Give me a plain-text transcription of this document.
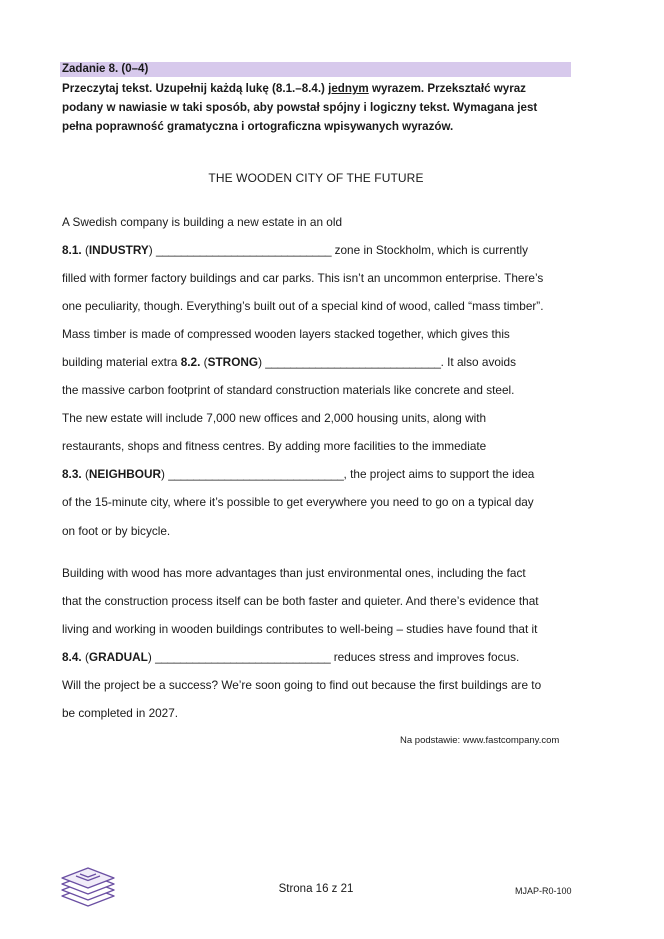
Zadanie 8. (0–4)
Przeczytaj tekst. Uzupełnij każdą lukę (8.1.–8.4.) jednym wyrazem. Przekształć wyraz podany w nawiasie w taki sposób, aby powstał spójny i logiczny tekst. Wymagana jest pełna poprawność gramatyczna i ortograficzna wpisywanych wyrazów.
THE WOODEN CITY OF THE FUTURE
A Swedish company is building a new estate in an old
8.1. (INDUSTRY) ____________________________ zone in Stockholm, which is currently
filled with former factory buildings and car parks. This isn’t an uncommon enterprise. There’s
one peculiarity, though. Everything’s built out of a special kind of wood, called “mass timber”.
Mass timber is made of compressed wooden layers stacked together, which gives this
building material extra 8.2. (STRONG) ____________________________. It also avoids
the massive carbon footprint of standard construction materials like concrete and steel.
The new estate will include 7,000 new offices and 2,000 housing units, along with
restaurants, shops and fitness centres. By adding more facilities to the immediate
8.3. (NEIGHBOUR) ____________________________, the project aims to support the idea
of the 15-minute city, where it’s possible to get everywhere you need to go on a typical day
on foot or by bicycle.
Building with wood has more advantages than just environmental ones, including the fact
that the construction process itself can be both faster and quieter. And there’s evidence that
living and working in wooden buildings contributes to well-being – studies have found that it
8.4. (GRADUAL) ____________________________ reduces stress and improves focus.
Will the project be a success? We’re soon going to find out because the first buildings are to
be completed in 2027.
Na podstawie: www.fastcompany.com
Strona 16 z 21	MJAP-R0-100
